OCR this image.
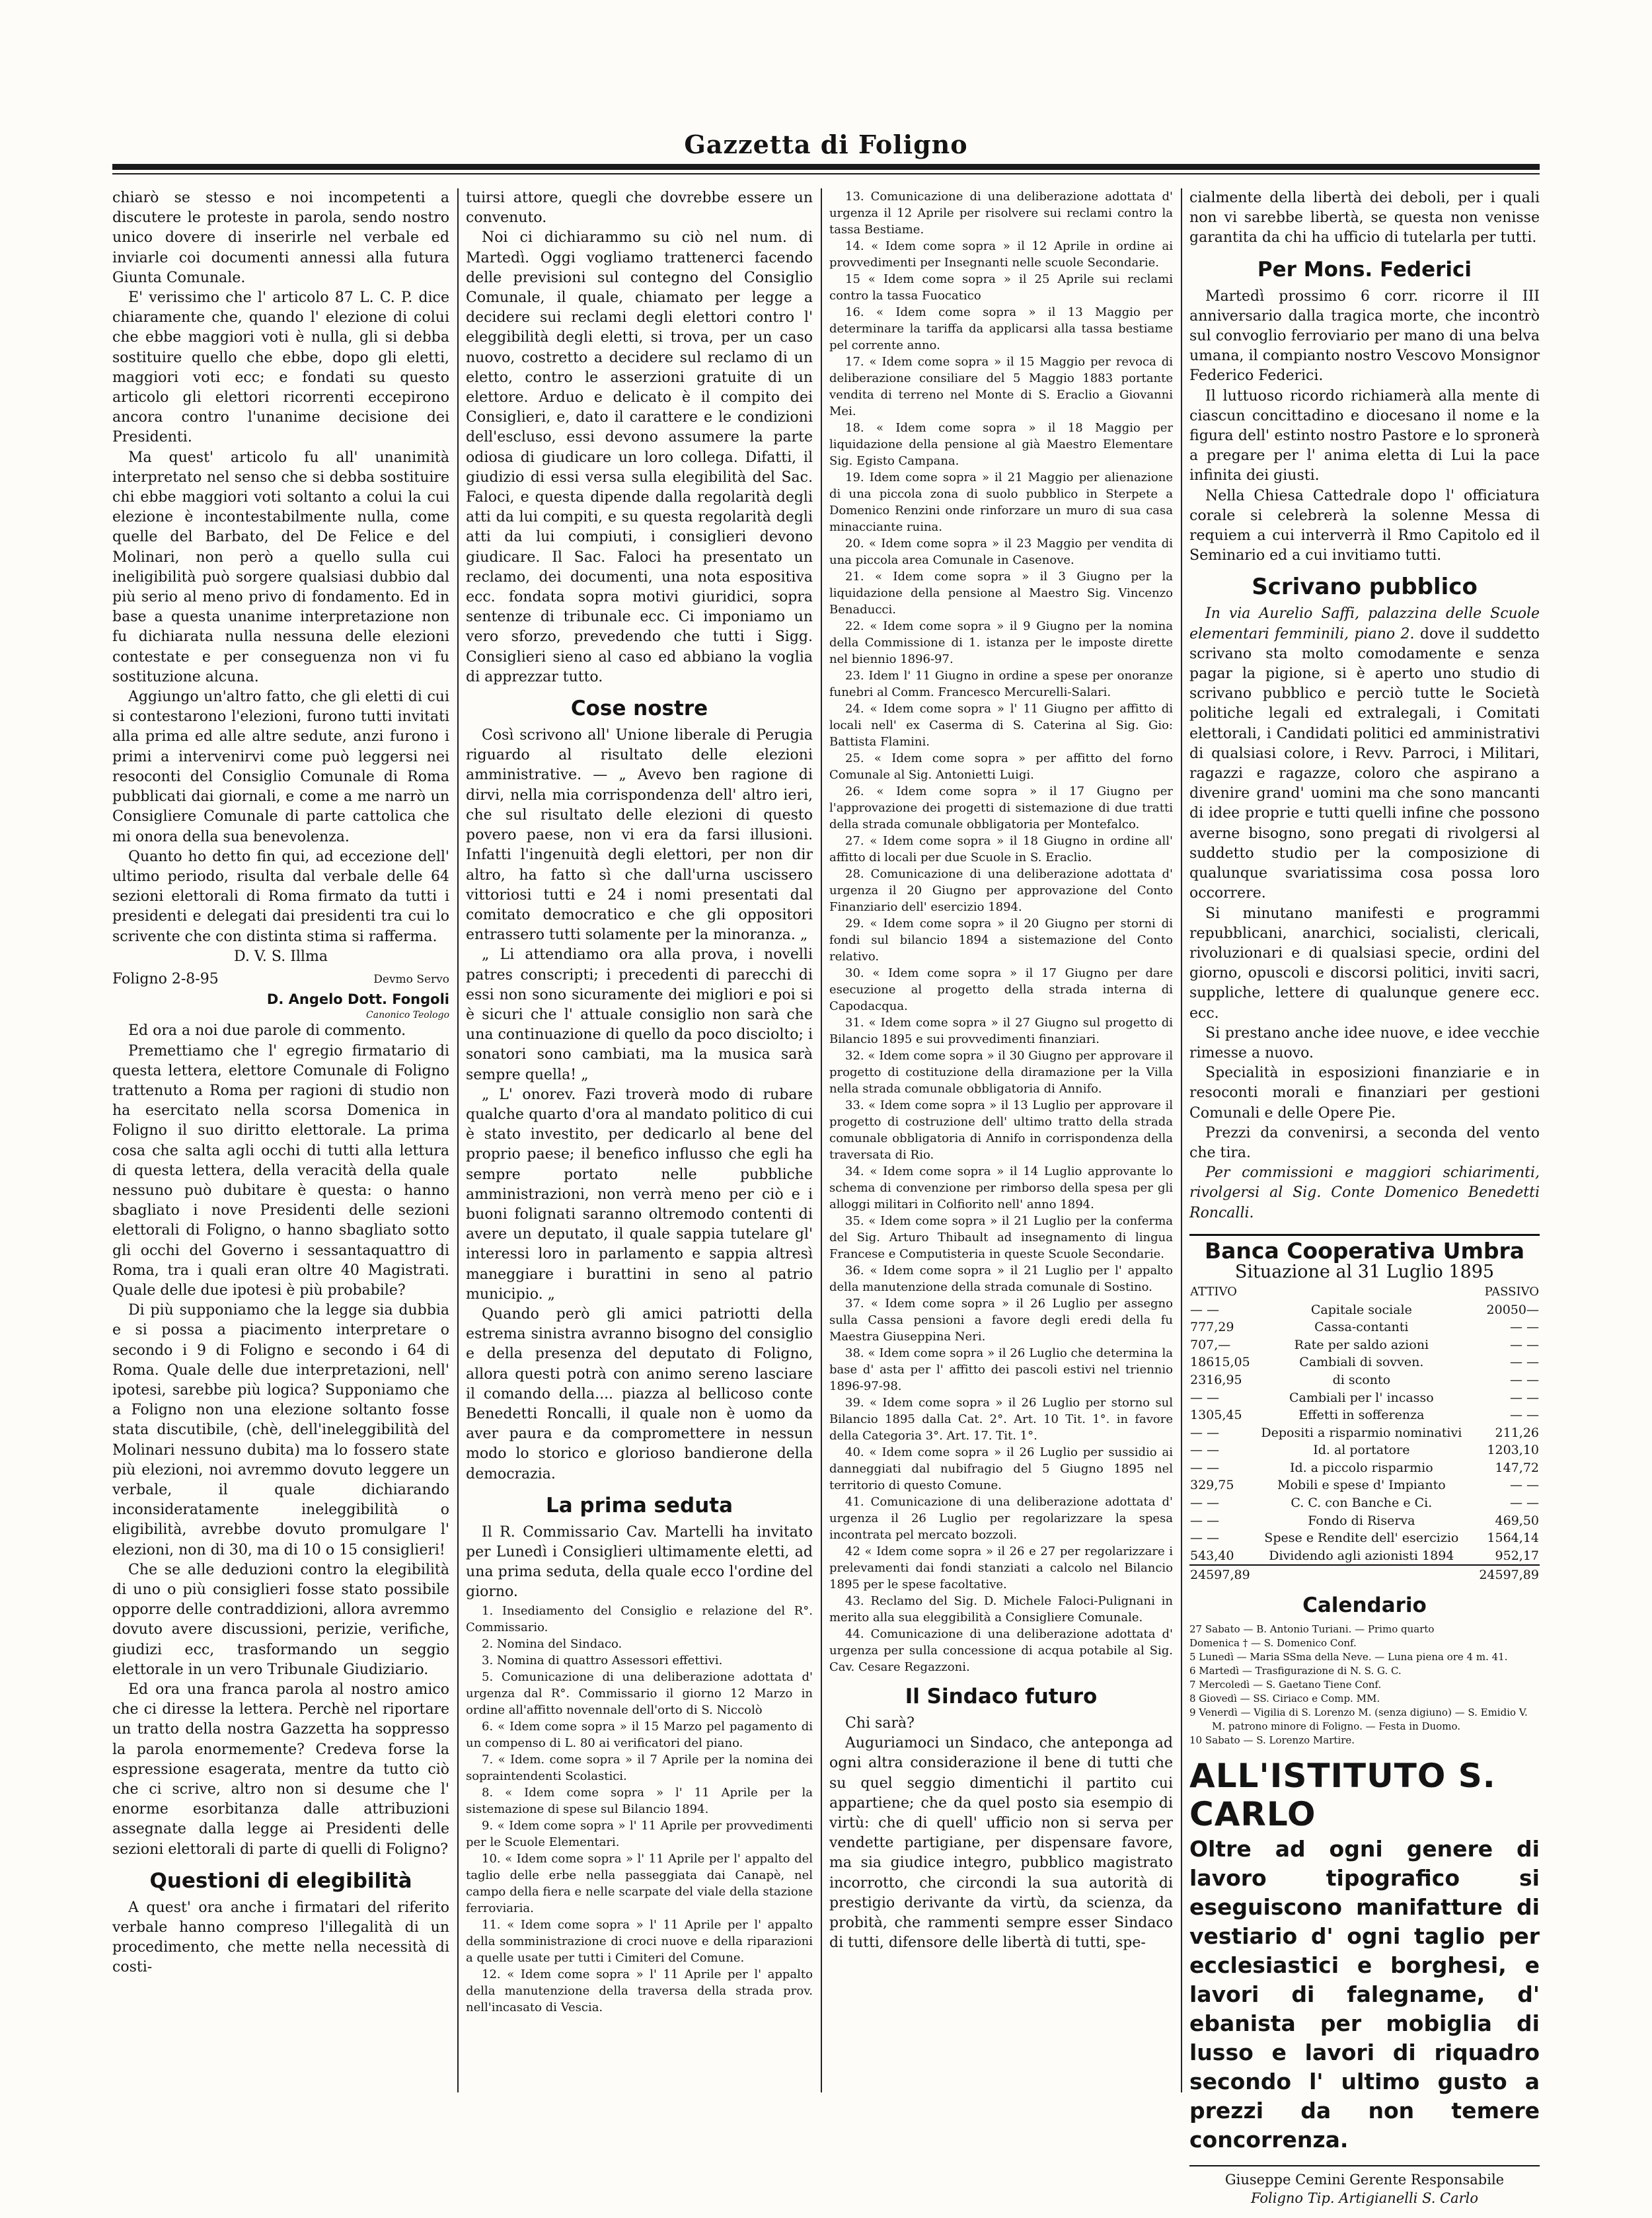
Gazzetta di Foligno

chiarò se stesso e noi incompetenti a discutere le proteste in parola, sendo nostro unico dovere di inserirle nel verbale ed inviarle coi documenti annessi alla futura Giunta Comunale.

E' verissimo che l' articolo 87 L. C. P. dice chiaramente che, quando l' elezione di colui che ebbe maggiori voti è nulla, gli si debba sostituire quello che ebbe, dopo gli eletti, maggiori voti ecc; e fondati su questo articolo gli elettori ricorrenti eccepirono ancora contro l'unanime decisione dei Presidenti.

Ma quest' articolo fu all' unanimità interpretato nel senso che si debba sostituire chi ebbe maggiori voti soltanto a colui la cui elezione è incontestabilmente nulla, come quelle del Barbato, del De Felice e del Molinari, non però a quello sulla cui ineligibilità può sorgere qualsiasi dubbio dal più serio al meno privo di fondamento. Ed in base a questa unanime interpretazione non fu dichiarata nulla nessuna delle elezioni contestate e per conseguenza non vi fu sostituzione alcuna.

Aggiungo un'altro fatto, che gli eletti di cui si contestarono l'elezioni, furono tutti invitati alla prima ed alle altre sedute, anzi furono i primi a intervenirvi come può leggersi nei resoconti del Consiglio Comunale di Roma pubblicati dai giornali, e come a me narrò un Consigliere Comunale di parte cattolica che mi onora della sua benevolenza.

Quanto ho detto fin qui, ad eccezione dell' ultimo periodo, risulta dal verbale delle 64 sezioni elettorali di Roma firmato da tutti i presidenti e delegati dai presidenti tra cui lo scrivente che con distinta stima si rafferma.

D. V. S. Illma
Foligno 2-8-95	Devmo Servo
D. Angelo Dott. Fongoli
Canonico Teologo

Ed ora a noi due parole di commento.

Premettiamo che l' egregio firmatario di questa lettera, elettore Comunale di Foligno trattenuto a Roma per ragioni di studio non ha esercitato nella scorsa Domenica in Foligno il suo diritto elettorale. La prima cosa che salta agli occhi di tutti alla lettura di questa lettera, della veracità della quale nessuno può dubitare è questa: o hanno sbagliato i nove Presidenti delle sezioni elettorali di Foligno, o hanno sbagliato sotto gli occhi del Governo i sessantaquattro di Roma, tra i quali eran oltre 40 Magistrati. Quale delle due ipotesi è più probabile?

Di più supponiamo che la legge sia dubbia e si possa a piacimento interpretare o secondo i 9 di Foligno e secondo i 64 di Roma. Quale delle due interpretazioni, nell' ipotesi, sarebbe più logica? Supponiamo che a Foligno non una elezione soltanto fosse stata discutibile, (chè, dell'ineleggibilità del Molinari nessuno dubita) ma lo fossero state più elezioni, noi avremmo dovuto leggere un verbale, il quale dichiarando inconsideratamente ineleggibilità o eligibilità, avrebbe dovuto promulgare l' elezioni, non di 30, ma di 10 o 15 consiglieri!

Che se alle deduzioni contro la elegibilità di uno o più consiglieri fosse stato possibile opporre delle contraddizioni, allora avremmo dovuto avere discussioni, perizie, verifiche, giudizi ecc, trasformando un seggio elettorale in un vero Tribunale Giudiziario.

Ed ora una franca parola al nostro amico che ci diresse la lettera. Perchè nel riportare un tratto della nostra Gazzetta ha soppresso la parola enormemente? Credeva forse la espressione esagerata, mentre da tutto ciò che ci scrive, altro non si desume che l' enorme esorbitanza dalle attribuzioni assegnate dalla legge ai Presidenti delle sezioni elettorali di parte di quelli di Foligno?

Questioni di elegibilità

A quest' ora anche i firmatari del riferito verbale hanno compreso l'illegalità di un procedimento, che mette nella necessità di costi-

tuirsi attore, quegli che dovrebbe essere un convenuto.

Noi ci dichiarammo su ciò nel num. di Martedì. Oggi vogliamo trattenerci facendo delle previsioni sul contegno del Consiglio Comunale, il quale, chiamato per legge a decidere sui reclami degli elettori contro l' eleggibilità degli eletti, si trova, per un caso nuovo, costretto a decidere sul reclamo di un eletto, contro le asserzioni gratuite di un elettore. Arduo e delicato è il compito dei Consiglieri, e, dato il carattere e le condizioni dell'escluso, essi devono assumere la parte odiosa di giudicare un loro collega. Difatti, il giudizio di essi versa sulla elegibilità del Sac. Faloci, e questa dipende dalla regolarità degli atti da lui compiti, e su questa regolarità degli atti da lui compiuti, i consiglieri devono giudicare. Il Sac. Faloci ha presentato un reclamo, dei documenti, una nota espositiva ecc. fondata sopra motivi giuridici, sopra sentenze di tribunale ecc. Ci imponiamo un vero sforzo, prevedendo che tutti i Sigg. Consiglieri sieno al caso ed abbiano la voglia di apprezzar tutto.

Cose nostre

Così scrivono all' Unione liberale di Perugia riguardo al risultato delle elezioni amministrative. — „ Avevo ben ragione di dirvi, nella mia corrispondenza dell' altro ieri, che sul risultato delle elezioni di questo povero paese, non vi era da farsi illusioni. Infatti l'ingenuità degli elettori, per non dir altro, ha fatto sì che dall'urna uscissero vittoriosi tutti e 24 i nomi presentati dal comitato democratico e che gli oppositori entrassero tutti solamente per la minoranza. „

„ Li attendiamo ora alla prova, i novelli patres conscripti; i precedenti di parecchi di essi non sono sicuramente dei migliori e poi si è sicuri che l' attuale consiglio non sarà che una continuazione di quello da poco disciolto; i sonatori sono cambiati, ma la musica sarà sempre quella! „

„ L' onorev. Fazi troverà modo di rubare qualche quarto d'ora al mandato politico di cui è stato investito, per dedicarlo al bene del proprio paese; il benefico influsso che egli ha sempre portato nelle pubbliche amministrazioni, non verrà meno per ciò e i buoni folignati saranno oltremodo contenti di avere un deputato, il quale sappia tutelare gl' interessi loro in parlamento e sappia altresì maneggiare i burattini in seno al patrio municipio. „

Quando però gli amici patriotti della estrema sinistra avranno bisogno del consiglio e della presenza del deputato di Foligno, allora questi potrà con animo sereno lasciare il comando della.... piazza al bellicoso conte Benedetti Roncalli, il quale non è uomo da aver paura e da compromettere in nessun modo lo storico e glorioso bandierone della democrazia.

La prima seduta

Il R. Commissario Cav. Martelli ha invitato per Lunedì i Consiglieri ultimamente eletti, ad una prima seduta, della quale ecco l'ordine del giorno.

1. Insediamento del Consiglio e relazione del R°. Commissario.

2. Nomina del Sindaco.

3. Nomina di quattro Assessori effettivi.

5. Comunicazione di una deliberazione adottata d' urgenza dal R°. Commissario il giorno 12 Marzo in ordine all'affitto novennale dell'orto di S. Niccolò

6. « Idem come sopra » il 15 Marzo pel pagamento di un compenso di L. 80 ai verificatori del piano.

7. « Idem. come sopra » il 7 Aprile per la nomina dei sopraintendenti Scolastici.

8. « Idem come sopra » l' 11 Aprile per la sistemazione di spese sul Bilancio 1894.

9. « Idem come sopra » l' 11 Aprile per provvedimenti per le Scuole Elementari.

10. « Idem come sopra » l' 11 Aprile per l' appalto del taglio delle erbe nella passeggiata dai Canapè, nel campo della fiera e nelle scarpate del viale della stazione ferroviaria.

11. « Idem come sopra » l' 11 Aprile per l' appalto della somministrazione di croci nuove e della riparazioni a quelle usate per tutti i Cimiteri del Comune.

12. « Idem come sopra » l' 11 Aprile per l' appalto della manutenzione della traversa della strada prov. nell'incasato di Vescia.

13. Comunicazione di una deliberazione adottata d' urgenza il 12 Aprile per risolvere sui reclami contro la tassa Bestiame.

14. « Idem come sopra » il 12 Aprile in ordine ai provvedimenti per Insegnanti nelle scuole Secondarie.

15 « Idem come sopra » il 25 Aprile sui reclami contro la tassa Fuocatico

16. « Idem come sopra » il 13 Maggio per determinare la tariffa da applicarsi alla tassa bestiame pel corrente anno.

17. « Idem come sopra » il 15 Maggio per revoca di deliberazione consiliare del 5 Maggio 1883 portante vendita di terreno nel Monte di S. Eraclio a Giovanni Mei.

18. « Idem come sopra » il 18 Maggio per liquidazione della pensione al già Maestro Elementare Sig. Egisto Campana.

19. Idem come sopra » il 21 Maggio per alienazione di una piccola zona di suolo pubblico in Sterpete a Domenico Renzini onde rinforzare un muro di sua casa minacciante ruina.

20. « Idem come sopra » il 23 Maggio per vendita di una piccola area Comunale in Casenove.

21. « Idem come sopra » il 3 Giugno per la liquidazione della pensione al Maestro Sig. Vincenzo Benaducci.

22. « Idem come sopra » il 9 Giugno per la nomina della Commissione di 1. istanza per le imposte dirette nel biennio 1896-97.

23. Idem l' 11 Giugno in ordine a spese per onoranze funebri al Comm. Francesco Mercurelli-Salari.

24. « Idem come sopra » l' 11 Giugno per affitto di locali nell' ex Caserma di S. Caterina al Sig. Gio: Battista Flamini.

25. « Idem come sopra » per affitto del forno Comunale al Sig. Antonietti Luigi.

26. « Idem come sopra » il 17 Giugno per l'approvazione dei progetti di sistemazione di due tratti della strada comunale obbligatoria per Montefalco.

27. « Idem come sopra » il 18 Giugno in ordine all' affitto di locali per due Scuole in S. Eraclio.

28. Comunicazione di una deliberazione adottata d' urgenza il 20 Giugno per approvazione del Conto Finanziario dell' esercizio 1894.

29. « Idem come sopra » il 20 Giugno per storni di fondi sul bilancio 1894 a sistemazione del Conto relativo.

30. « Idem come sopra » il 17 Giugno per dare esecuzione al progetto della strada interna di Capodacqua.

31. « Idem come sopra » il 27 Giugno sul progetto di Bilancio 1895 e sui provvedimenti finanziari.

32. « Idem come sopra » il 30 Giugno per approvare il progetto di costituzione della diramazione per la Villa nella strada comunale obbligatoria di Annifo.

33. « Idem come sopra » il 13 Luglio per approvare il progetto di costruzione dell' ultimo tratto della strada comunale obbligatoria di Annifo in corrispondenza della traversata di Rio.

34. « Idem come sopra » il 14 Luglio approvante lo schema di convenzione per rimborso della spesa per gli alloggi militari in Colfiorito nell' anno 1894.

35. « Idem come sopra » il 21 Luglio per la conferma del Sig. Arturo Thibault ad insegnamento di lingua Francese e Computisteria in queste Scuole Secondarie.

36. « Idem come sopra » il 21 Luglio per l' appalto della manutenzione della strada comunale di Sostino.

37. « Idem come sopra » il 26 Luglio per assegno sulla Cassa pensioni a favore degli eredi della fu Maestra Giuseppina Neri.

38. « Idem come sopra » il 26 Luglio che determina la base d' asta per l' affitto dei pascoli estivi nel triennio 1896-97-98.

39. « Idem come sopra » il 26 Luglio per storno sul Bilancio 1895 dalla Cat. 2°. Art. 10 Tit. 1°. in favore della Categoria 3°. Art. 17. Tit. 1°.

40. « Idem come sopra » il 26 Luglio per sussidio ai danneggiati dal nubifragio del 5 Giugno 1895 nel territorio di questo Comune.

41. Comunicazione di una deliberazione adottata d' urgenza il 26 Luglio per regolarizzare la spesa incontrata pel mercato bozzoli.

42 « Idem come sopra » il 26 e 27 per regolarizzare i prelevamenti dai fondi stanziati a calcolo nel Bilancio 1895 per le spese facoltative.

43. Reclamo del Sig. D. Michele Faloci-Pulignani in merito alla sua eleggibilità a Consigliere Comunale.

44. Comunicazione di una deliberazione adottata d' urgenza per sulla concessione di acqua potabile al Sig. Cav. Cesare Regazzoni.

Il Sindaco futuro

Chi sarà?

Auguriamoci un Sindaco, che anteponga ad ogni altra considerazione il bene di tutti che su quel seggio dimentichi il partito cui appartiene; che da quel posto sia esempio di virtù: che di quell' ufficio non si serva per vendette partigiane, per dispensare favore, ma sia giudice integro, pubblico magistrato incorrotto, che circondi la sua autorità di prestigio derivante da virtù, da scienza, da probità, che rammenti sempre esser Sindaco di tutti, difensore delle libertà di tutti, spe-

cialmente della libertà dei deboli, per i quali non vi sarebbe libertà, se questa non venisse garantita da chi ha ufficio di tutelarla per tutti.

Per Mons. Federici

Martedì prossimo 6 corr. ricorre il III anniversario dalla tragica morte, che incontrò sul convoglio ferroviario per mano di una belva umana, il compianto nostro Vescovo Monsignor Federico Federici.

Il luttuoso ricordo richiamerà alla mente di ciascun concittadino e diocesano il nome e la figura dell' estinto nostro Pastore e lo spronerà a pregare per l' anima eletta di Lui la pace infinita dei giusti.

Nella Chiesa Cattedrale dopo l' officiatura corale si celebrerà la solenne Messa di requiem a cui interverrà il Rmo Capitolo ed il Seminario ed a cui invitiamo tutti.

Scrivano pubblico

In via Aurelio Saffi, palazzina delle Scuole elementari femminili, piano 2. dove il suddetto scrivano sta molto comodamente e senza pagar la pigione, si è aperto uno studio di scrivano pubblico e perciò tutte le Società politiche legali ed extralegali, i Comitati elettorali, i Candidati politici ed amministrativi di qualsiasi colore, i Revv. Parroci, i Militari, ragazzi e ragazze, coloro che aspirano a divenire grand' uomini ma che sono mancanti di idee proprie e tutti quelli infine che possono averne bisogno, sono pregati di rivolgersi al suddetto studio per la composizione di qualunque svariatissima cosa possa loro occorrere.

Si minutano manifesti e programmi repubblicani, anarchici, socialisti, clericali, rivoluzionari e di qualsiasi specie, ordini del giorno, opuscoli e discorsi politici, inviti sacri, suppliche, lettere di qualunque genere ecc. ecc.

Si prestano anche idee nuove, e idee vecchie rimesse a nuovo.

Specialità in esposizioni finanziarie e in resoconti morali e finanziari per gestioni Comunali e delle Opere Pie.

Prezzi da convenirsi, a seconda del vento che tira.

Per commissioni e maggiori schiarimenti, rivolgersi al Sig. Conte Domenico Benedetti Roncalli.

Banca Cooperativa Umbra
Situazione al 31 Luglio 1895
ATTIVO		PASSIVO
— —	Capitale sociale	20050—
777,29	Cassa-contanti	— —
707,—	Rate per saldo azioni	— —
18615,05	Cambiali di sovven.	— —
2316,95	di sconto	— —
— —	Cambiali per l' incasso	— —
1305,45	Effetti in sofferenza	— —
— —	Depositi a risparmio nominativi	211,26
— —	Id. al portatore	1203,10
— —	Id. a piccolo risparmio	147,72
329,75	Mobili e spese d' Impianto	— —
— —	C. C. con Banche e Ci.	— —
— —	Fondo di Riserva	469,50
— —	Spese e Rendite dell' esercizio	1564,14
543,40	Dividendo agli azionisti 1894	952,17
24597,89		24597,89
Calendario
27 Sabato — B. Antonio Turiani. — Primo quarto
Domenica † — S. Domenico Conf.
5 Lunedì — Maria SSma della Neve. — Luna piena ore 4 m. 41.
6 Martedì — Trasfigurazione di N. S. G. C.
7 Mercoledì — S. Gaetano Tiene Conf.
8 Giovedì — SS. Ciriaco e Comp. MM.
9 Venerdì — Vigilia di S. Lorenzo M. (senza digiuno) — S. Emidio V. M. patrono minore di Foligno. — Festa in Duomo.
10 Sabato — S. Lorenzo Martire.
ALL'ISTITUTO S. CARLO
Oltre ad ogni genere di lavoro tipografico si eseguiscono manifatture di vestiario d' ogni taglio per ecclesiastici e borghesi, e lavori di falegname, d' ebanista per mobiglia di lusso e lavori di riquadro secondo l' ultimo gusto a prezzi da non temere concorrenza.
Giuseppe Cemini Gerente Responsabile
Foligno Tip. Artigianelli S. Carlo
